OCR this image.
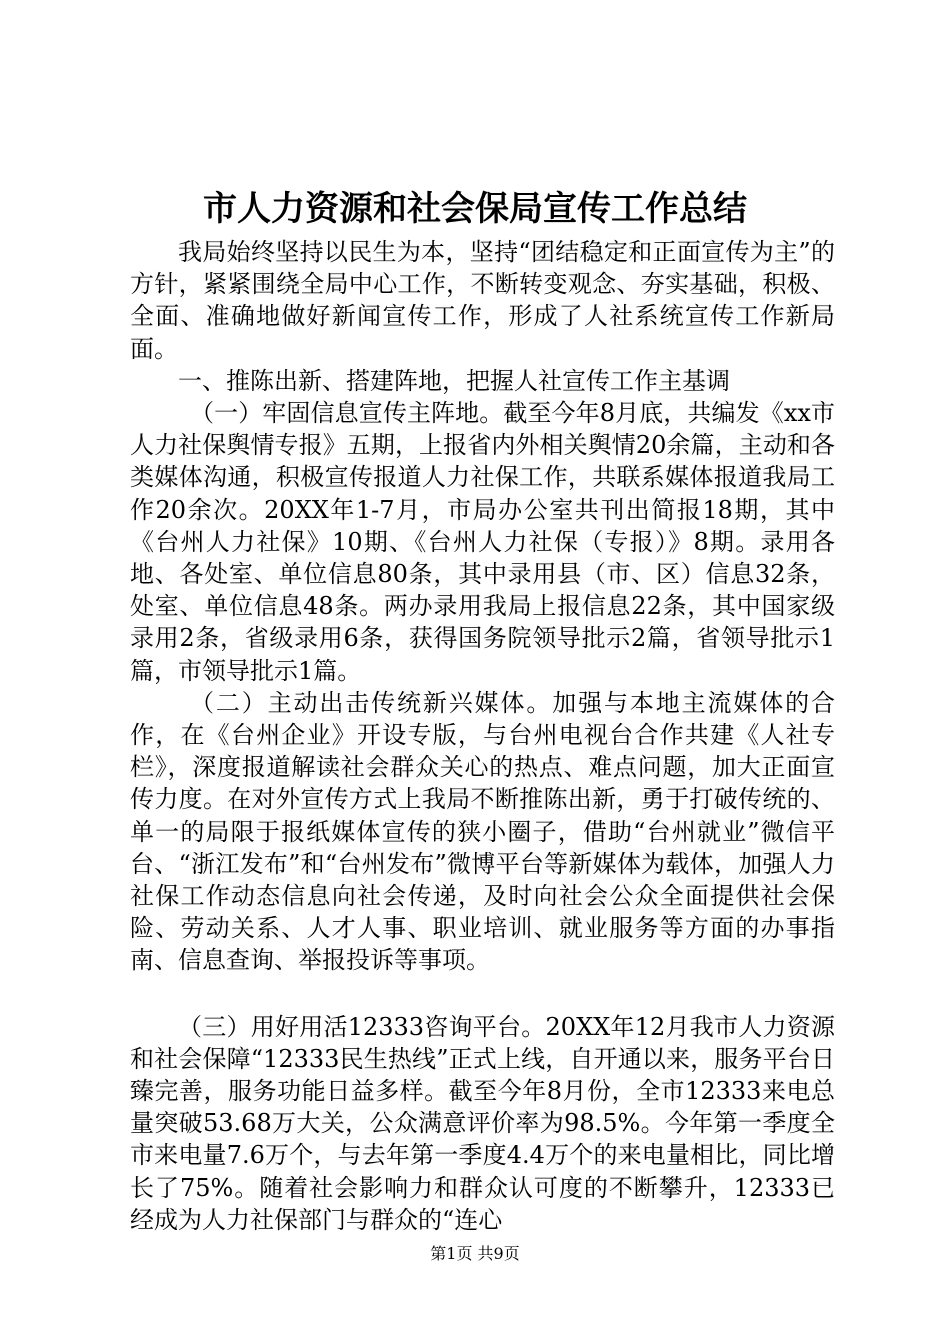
市人力资源和社会保局宣传工作总结

我局始终坚持以民生为本，坚持“团结稳定和正面宣传为主”的方针，紧紧围绕全局中心工作，不断转变观念、夯实基础，积极、全面、准确地做好新闻宣传工作，形成了人社系统宣传工作新局面。

一、推陈出新、搭建阵地，把握人社宣传工作主基调

（一）牢固信息宣传主阵地。截至今年8月底，共编发《xx市人力社保舆情专报》五期，上报省内外相关舆情20余篇，主动和各类媒体沟通，积极宣传报道人力社保工作，共联系媒体报道我局工作20余次。20XX年1-7月，市局办公室共刊出简报18期，其中《台州人力社保》10期、《台州人力社保（专报）》8期。录用各地、各处室、单位信息80条，其中录用县（市、区）信息32条，处室、单位信息48条。两办录用我局上报信息22条，其中国家级录用2条，省级录用6条，获得国务院领导批示2篇，省领导批示1篇，市领导批示1篇。

（二）主动出击传统新兴媒体。加强与本地主流媒体的合作，在《台州企业》开设专版，与台州电视台合作共建《人社专栏》，深度报道解读社会群众关心的热点、难点问题，加大正面宣传力度。在对外宣传方式上我局不断推陈出新，勇于打破传统的、单一的局限于报纸媒体宣传的狭小圈子，借助“台州就业”微信平台、“浙江发布”和“台州发布”微博平台等新媒体为载体，加强人力社保工作动态信息向社会传递，及时向社会公众全面提供社会保险、劳动关系、人才人事、职业培训、就业服务等方面的办事指南、信息查询、举报投诉等事项。

（三）用好用活12333咨询平台。20XX年12月我市人力资源和社会保障“12333民生热线”正式上线，自开通以来，服务平台日臻完善，服务功能日益多样。截至今年8月份，全市12333来电总量突破53.68万大关，公众满意评价率为98.5%。今年第一季度全市来电量7.6万个，与去年第一季度4.4万个的来电量相比，同比增长了75%。随着社会影响力和群众认可度的不断攀升，12333已经成为人力社保部门与群众的“连心

第1页 共9页
